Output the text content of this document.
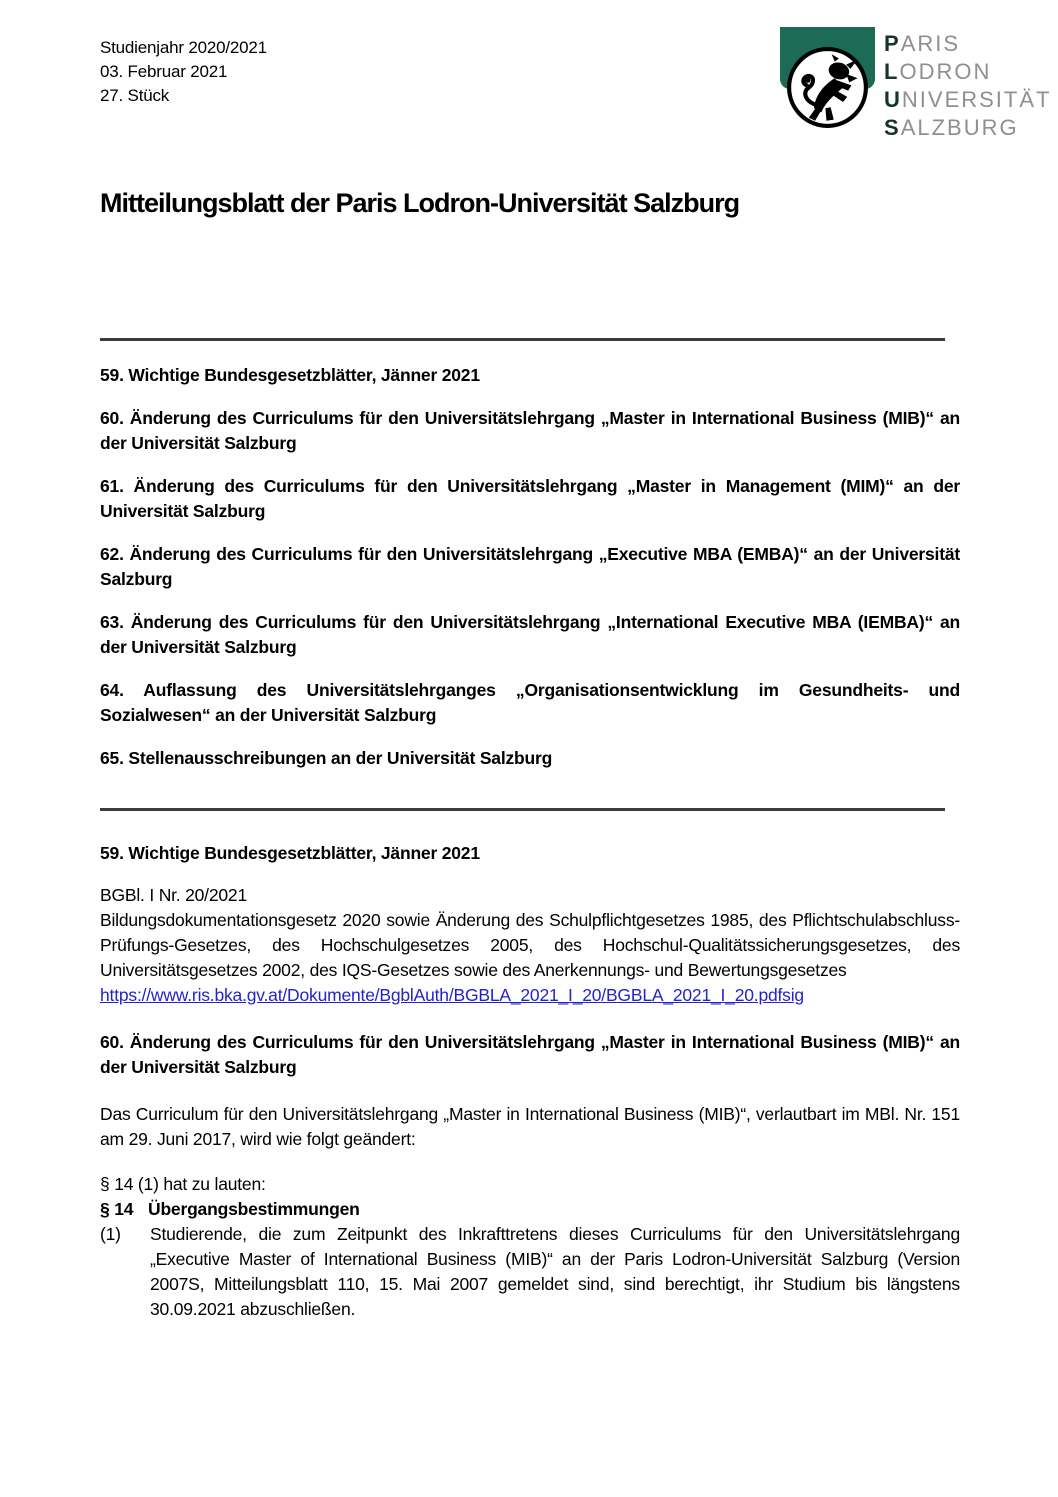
Studienjahr 2020/2021
03. Februar 2021
27. Stück
PARIS
LODRON
UNIVERSITÄT
SALZBURG
Mitteilungsblatt der Paris Lodron-Universität Salzburg
59. Wichtige Bundesgesetzblätter, Jänner 2021
60. Änderung des Curriculums für den Universitätslehrgang „Master in International Business (MIB)“ an der Universität Salzburg
61. Änderung des Curriculums für den Universitätslehrgang „Master in Management (MIM)“ an der Universität Salzburg
62. Änderung des Curriculums für den Universitätslehrgang „Executive MBA (EMBA)“ an der Universität Salzburg
63. Änderung des Curriculums für den Universitätslehrgang „International Executive MBA (IEMBA)“ an der Universität Salzburg
64. Auflassung des Universitätslehrganges „Organisationsentwicklung im Gesundheits- und Sozialwesen“ an der Universität Salzburg
65. Stellenausschreibungen an der Universität Salzburg
59. Wichtige Bundesgesetzblätter, Jänner 2021
BGBl. I Nr. 20/2021
Bildungsdokumentationsgesetz 2020 sowie Änderung des Schulpflichtgesetzes 1985, des Pflichtschulabschluss-Prüfungs-Gesetzes, des Hochschulgesetzes 2005, des Hochschul-Qualitätssicherungsgesetzes, des Universitätsgesetzes 2002, des IQS-Gesetzes sowie des Anerkennungs- und Bewertungsgesetzes
https://www.ris.bka.gv.at/Dokumente/BgblAuth/BGBLA_2021_I_20/BGBLA_2021_I_20.pdfsig
60. Änderung des Curriculums für den Universitätslehrgang „Master in International Business (MIB)“ an der Universität Salzburg
Das Curriculum für den Universitätslehrgang „Master in International Business (MIB)“, verlautbart im MBl. Nr. 151 am 29. Juni 2017, wird wie folgt geändert:
§ 14 (1) hat zu lauten:
§ 14 Übergangsbestimmungen
(1)	Studierende, die zum Zeitpunkt des Inkrafttretens dieses Curriculums für den Universitätslehrgang „Executive Master of International Business (MIB)“ an der Paris Lodron-Universität Salzburg (Version 2007S, Mitteilungsblatt 110, 15. Mai 2007 gemeldet sind, sind berechtigt, ihr Studium bis längstens 30.09.2021 abzuschließen.
